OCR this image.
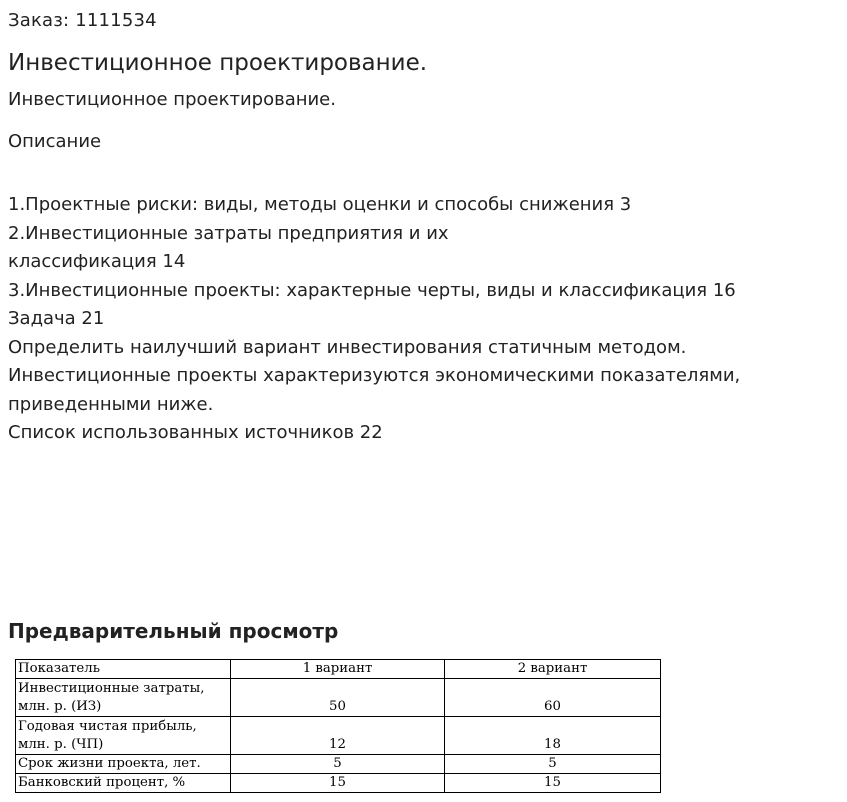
Заказ: 1111534
Инвестиционное проектирование.
Инвестиционное проектирование.
Описание
1.Проектные риски: виды, методы оценки и способы снижения 3
2.Инвестиционные затраты предприятия и их
классификация 14
3.Инвестиционные проекты: характерные черты, виды и классификация 16
Задача 21
Определить наилучший вариант инвестирования статичным методом.
Инвестиционные проекты характеризуются экономическими показателями,
приведенными ниже.
Список использованных источников 22
Предварительный просмотр
Показатель	1 вариант	2 вариант
Инвестиционные затраты, млн. р. (ИЗ)	50	60
Годовая чистая прибыль, млн. р. (ЧП)	12	18
Срок жизни проекта, лет.	5	5
Банковский процент, %	15	15
